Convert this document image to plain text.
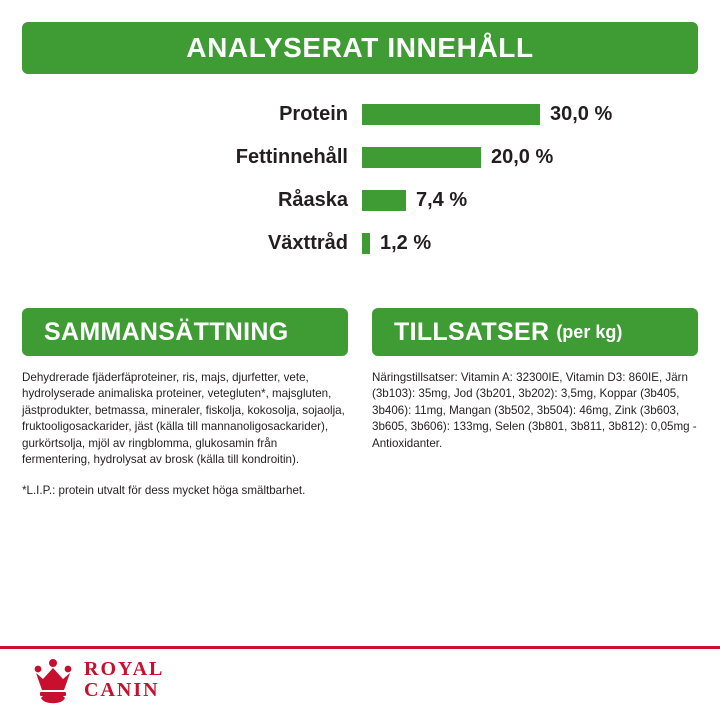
ANALYSERAT INNEHÅLL
Protein	30,0 %
Fettinnehåll	20,0 %
Råaska	7,4 %
Växttråd	1,2 %
SAMMANSÄTTNING

Dehydrerade fjäderfäproteiner, ris, majs, djurfetter, vete, hydrolyserade animaliska proteiner, vetegluten*, majsgluten, jästprodukter, betmassa, mineraler, fiskolja, kokosolja, sojaolja, fruktooligosackarider, jäst (källa till mannanoligosackarider), gurkörtsolja, mjöl av ringblomma, glukosamin från fermentering, hydrolysat av brosk (källa till kondroitin).

*L.I.P.: protein utvalt för dess mycket höga smältbarhet.

TILLSATSER (per kg)

Näringstillsatser: Vitamin A: 32300IE, Vitamin D3: 860IE, Järn (3b103): 35mg, Jod (3b201, 3b202): 3,5mg, Koppar (3b405, 3b406): 11mg, Mangan (3b502, 3b504): 46mg, Zink (3b603, 3b605, 3b606): 133mg, Selen (3b801, 3b811, 3b812): 0,05mg - Antioxidanter.

ROYAL
CANIN
